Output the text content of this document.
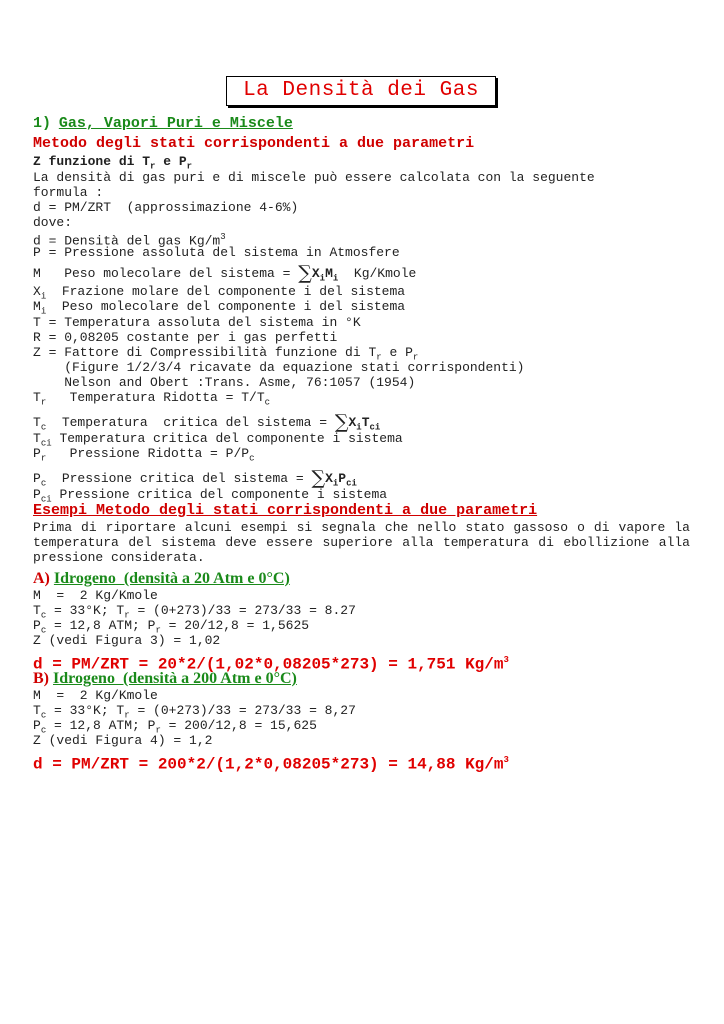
La Densità dei Gas
1) Gas, Vapori Puri e Miscele
Metodo degli stati corrispondenti a due parametri
Z funzione di $T_r$ e $P_r$
La densità di gas puri e di miscele può essere calcolata con la seguente
formula :
d = PM/ZRT  (approssimazione 4-6%)
dove:
d = Densità del gas $Kg/m^3$
P = Pressione assoluta del sistema in Atmosfere
M   Peso molecolare del sistema = $\sum X_iM_i$ Kg/Kmole
$X_i$ Frazione molare del componente i del sistema
$M_i$ Peso molecolare del componente i del sistema
T = Temperatura assoluta del sistema in °K
R = 0,08205 costante per i gas perfetti
Z = Fattore di Compressibilità funzione di $T_r$ e $P_r$
(Figure 1/2/3/4 ricavate da equazione stati corrispondenti)
Nelson and Obert :Trans. Asme, 76:1057 (1954)
$T_r$ Temperatura Ridotta = $T/T_c$
$T_c$ Temperatura  critica del sistema = $\sum X_iT_{ci}$
$T_{ci}$ Temperatura critica del componente i sistema
$P_r$ Pressione Ridotta = $P/P_c$
$P_c$ Pressione critica del sistema = $\sum X_iP_{ci}$
$P_{ci}$ Pressione critica del componente i sistema
Esempi Metodo degli stati corrispondenti a due parametri
Prima di riportare alcuni esempi si segnala che nello stato gassoso o di vapore la temperatura del sistema deve essere superiore alla temperatura di ebollizione alla pressione considerata.
A) Idrogeno  (densità a 20 Atm e 0°C)
M  =  2 Kg/Kmole
$T_c = 33^\circ K$; $T_r = (0+273)/33 = 273/33 = 8.27$
$P_c = 12,8$ ATM; $P_r = 20/12,8 = 1,5625$
Z (vedi Figura 3) = 1,02
d = PM/ZRT = 20*2/(1,02*0,08205*273) = 1,751 $Kg/m^3$
B) Idrogeno  (densità a 200 Atm e 0°C)
M  =  2 Kg/Kmole
$T_c = 33^\circ K$; $T_r = (0+273)/33 = 273/33 = 8,27$
$P_c = 12,8$ ATM; $P_r = 200/12,8 = 15,625$
Z (vedi Figura 4) = 1,2
d = PM/ZRT = 200*2/(1,2*0,08205*273) = 14,88 $Kg/m^3$
